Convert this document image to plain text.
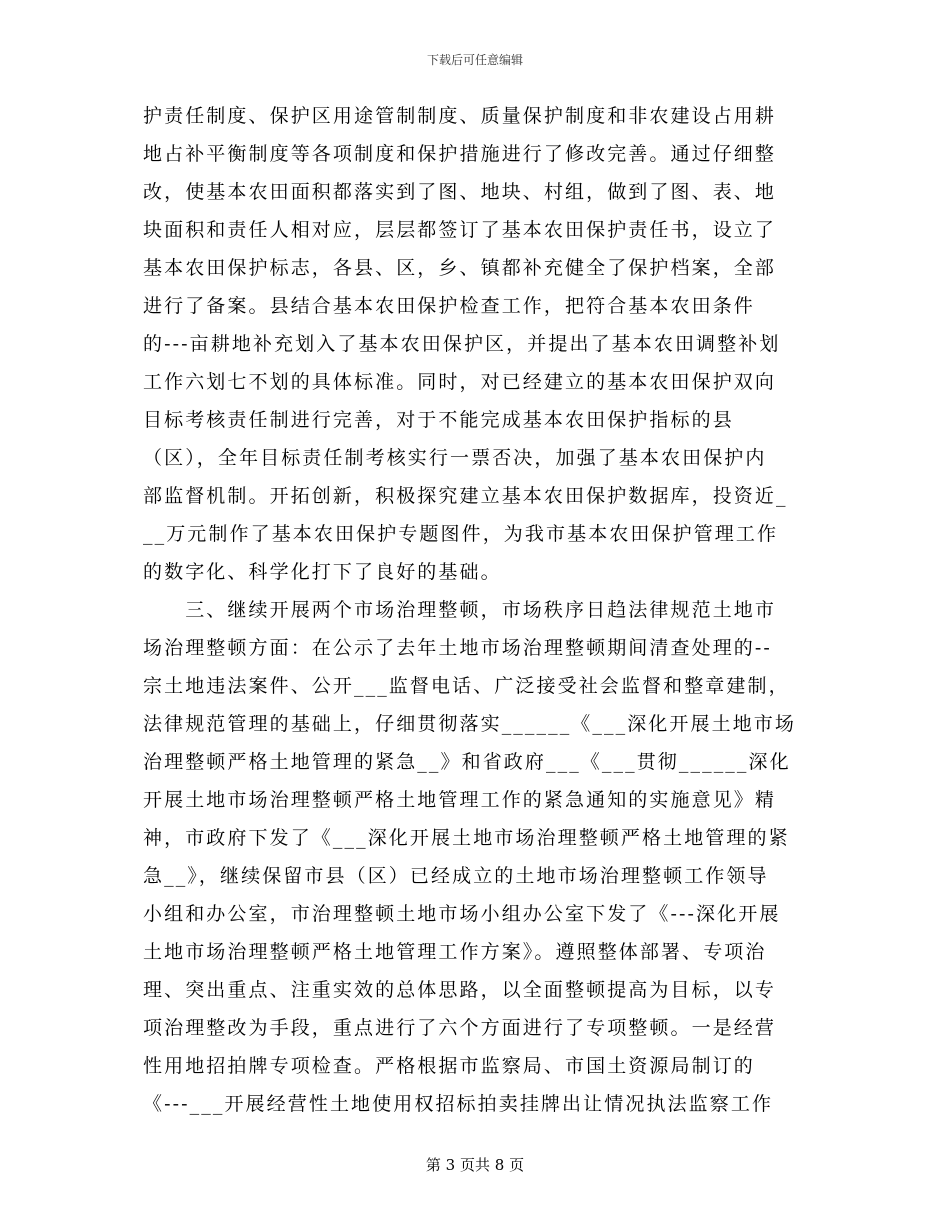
下载后可任意编辑
护责任制度、保护区用途管制制度、质量保护制度和非农建设占用耕
地占补平衡制度等各项制度和保护措施进行了修改完善。通过仔细整
改，使基本农田面积都落实到了图、地块、村组，做到了图、表、地
块面积和责任人相对应，层层都签订了基本农田保护责任书，设立了
基本农田保护标志，各县、区，乡、镇都补充健全了保护档案，全部
进行了备案。县结合基本农田保护检查工作，把符合基本农田条件
的---亩耕地补充划入了基本农田保护区，并提出了基本农田调整补划
工作六划七不划的具体标准。同时，对已经建立的基本农田保护双向
目标考核责任制进行完善，对于不能完成基本农田保护指标的县
（区），全年目标责任制考核实行一票否决，加强了基本农田保护内
部监督机制。开拓创新，积极探究建立基本农田保护数据库，投资近_
__万元制作了基本农田保护专题图件，为我市基本农田保护管理工作
的数字化、科学化打下了良好的基础。
　　三、继续开展两个市场治理整顿，市场秩序日趋法律规范土地市
场治理整顿方面：在公示了去年土地市场治理整顿期间清查处理的--
宗土地违法案件、公开___监督电话、广泛接受社会监督和整章建制，
法律规范管理的基础上，仔细贯彻落实______《___深化开展土地市场
治理整顿严格土地管理的紧急__》和省政府___《___贯彻______深化
开展土地市场治理整顿严格土地管理工作的紧急通知的实施意见》精
神，市政府下发了《___深化开展土地市场治理整顿严格土地管理的紧
急__》，继续保留市县（区）已经成立的土地市场治理整顿工作领导
小组和办公室，市治理整顿土地市场小组办公室下发了《---深化开展
土地市场治理整顿严格土地管理工作方案》。遵照整体部署、专项治
理、突出重点、注重实效的总体思路，以全面整顿提高为目标，以专
项治理整改为手段，重点进行了六个方面进行了专项整顿。一是经营
性用地招拍牌专项检查。严格根据市监察局、市国土资源局制订的
《---___开展经营性土地使用权招标拍卖挂牌出让情况执法监察工作
第 3 页共 8 页
